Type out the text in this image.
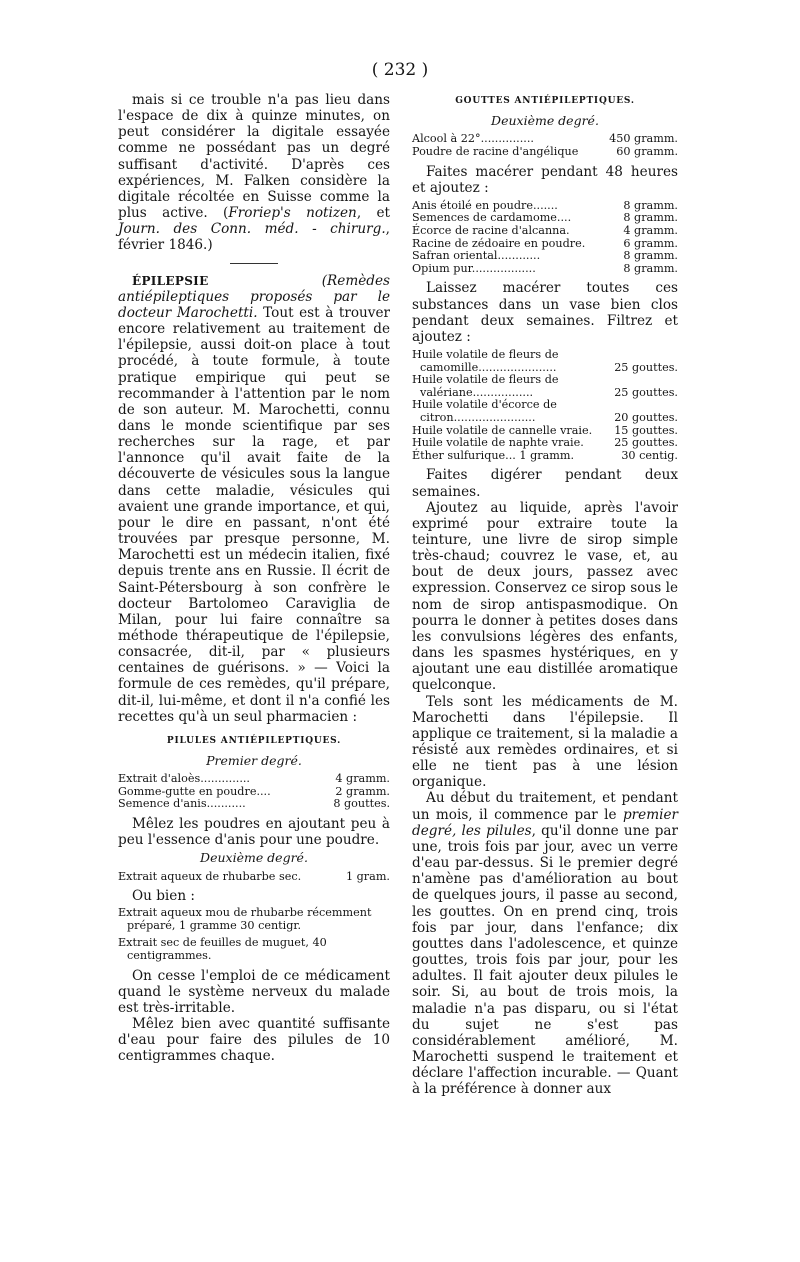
( 232 )

mais si ce trouble n'a pas lieu dans l'espace de dix à quinze minutes, on peut considérer la digitale essayée comme ne possédant pas un degré suffisant d'activité. D'après ces expériences, M. Falken considère la digitale récoltée en Suisse comme la plus active. (Froriep's notizen, et Journ. des Conn. méd. - chirurg., février 1846.)

ÉPILEPSIE	(Remèdes antiépileptiques proposés par le docteur Marochetti. Tout est à trouver encore relativement au traitement de l'épilepsie, aussi doit-on place à tout procédé, à toute formule, à toute pratique empirique qui peut se recommander à l'attention par le nom de son auteur. M. Marochetti, connu dans le monde scientifique par ses recherches sur la rage, et par l'annonce qu'il avait faite de la découverte de vésicules sous la langue dans cette maladie, vésicules qui avaient une grande importance, et qui, pour le dire en passant, n'ont été trouvées par presque personne, M. Marochetti est un médecin italien, fixé depuis trente ans en Russie. Il écrit de Saint-Pétersbourg à son confrère le docteur Bartolomeo Caraviglia de Milan, pour lui faire connaître sa méthode thérapeutique de l'épilepsie, consacrée, dit-il, par « plusieurs centaines de guérisons. » — Voici la formule de ces remèdes, qu'il prépare, dit-il, lui-même, et dont il n'a confié les recettes qu'à un seul pharmacien :

PILULES ANTIÉPILEPTIQUES.
Premier degré.
Extrait d'aloès..............	4 gramm.
Gomme-gutte en poudre....	2 gramm.
Semence d'anis...........	8 gouttes.

Mêlez les poudres en ajoutant peu à peu l'essence d'anis pour une poudre.

Deuxième degré.
Extrait aqueux de rhubarbe sec.	1 gram.

Ou bien :

Extrait aqueux mou de rhubarbe récemment préparé, 1 gramme 30 centigr.

Extrait sec de feuilles de muguet, 40 centigrammes.

On cesse l'emploi de ce médicament quand le système nerveux du malade est très-irritable.

Mêlez bien avec quantité suffisante d'eau pour faire des pilules de 10 centigrammes chaque.

GOUTTES ANTIÉPILEPTIQUES.
Deuxième degré.
Alcool à 22°...............	450 gramm.
Poudre de racine d'angélique	60 gramm.

Faites macérer pendant 48 heures et ajoutez :

Anis étoilé en poudre.......	8 gramm.
Semences de cardamome....	8 gramm.
Écorce de racine d'alcanna.	4 gramm.
Racine de zédoaire en poudre.	6 gramm.
Safran oriental............	8 gramm.
Opium pur..................	8 gramm.

Laissez macérer toutes ces substances dans un vase bien clos pendant deux semaines. Filtrez et ajoutez :

Huile volatile de fleurs de camomille......................	25 gouttes.
Huile volatile de fleurs de valériane.................	25 gouttes.
Huile volatile d'écorce de citron.......................	20 gouttes.
Huile volatile de cannelle vraie.	15 gouttes.
Huile volatile de naphte vraie.	25 gouttes.
Éther sulfurique... 1 gramm.	30 centig.

Faites digérer pendant deux semaines.

Ajoutez au liquide, après l'avoir exprimé pour extraire toute la teinture, une livre de sirop simple très-chaud; couvrez le vase, et, au bout de deux jours, passez avec expression. Conservez ce sirop sous le nom de sirop antispasmodique. On pourra le donner à petites doses dans les convulsions légères des enfants, dans les spasmes hystériques, en y ajoutant une eau distillée aromatique quelconque.

Tels sont les médicaments de M. Marochetti dans l'épilepsie. Il applique ce traitement, si la maladie a résisté aux remèdes ordinaires, et si elle ne tient pas à une lésion organique.

Au début du traitement, et pendant un mois, il commence par le premier degré, les pilules, qu'il donne une par une, trois fois par jour, avec un verre d'eau par-dessus. Si le premier degré n'amène pas d'amélioration au bout de quelques jours, il passe au second, les gouttes. On en prend cinq, trois fois par jour, dans l'enfance; dix gouttes dans l'adolescence, et quinze gouttes, trois fois par jour, pour les adultes. Il fait ajouter deux pilules le soir. Si, au bout de trois mois, la maladie n'a pas disparu, ou si l'état du sujet ne s'est pas considérablement amélioré, M. Marochetti suspend le traitement et déclare l'affection incurable. — Quant à la préférence à donner aux
